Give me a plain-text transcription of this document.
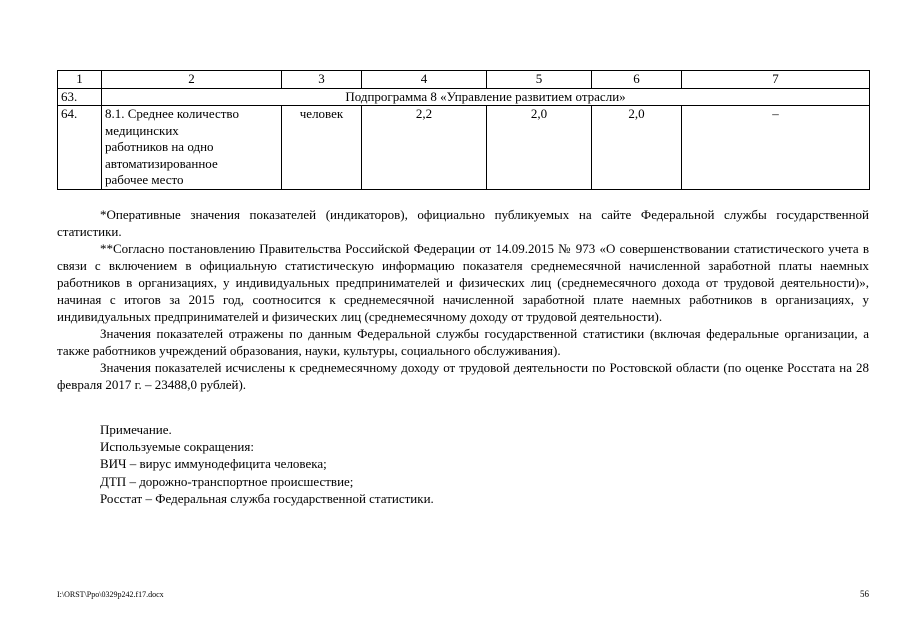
1	2	3	4	5	6	7
63.	Подпрограмма 8 «Управление развитием отрасли»					
64.	8.1. Среднее количество
медицинских
работников на одно
автоматизированное
рабочее место	человек	2,2	2,0	2,0	–

*Оперативные значения показателей (индикаторов), официально публикуемых на сайте Федеральной службы государственной статистики.

**Согласно постановлению Правительства Российской Федерации от 14.09.2015 № 973 «О совершенствовании статистического учета в связи с включением в официальную статистическую информацию показателя среднемесячной начисленной заработной платы наемных работников в организациях, у индивидуальных предпринимателей и физических лиц (среднемесячного дохода от трудовой деятельности)», начиная с итогов за 2015 год, соотносится к среднемесячной начисленной заработной плате наемных работников в организациях, у индивидуальных предпринимателей и физических лиц (среднемесячному доходу от трудовой деятельности).

Значения показателей отражены по данным Федеральной службы государственной статистики (включая федеральные организации, а также работников учреждений образования, науки, культуры, социального обслуживания).

Значения показателей исчислены к среднемесячному доходу от трудовой деятельности по Ростовской области (по оценке Росстата на 28 февраля 2017 г. – 23488,0 рублей).

Примечание.
Используемые сокращения:
ВИЧ – вирус иммунодефицита человека;
ДТП – дорожно-транспортное происшествие;
Росстат – Федеральная служба государственной статистики.
I:\ORST\Ppo\0329p242.f17.docx	56
